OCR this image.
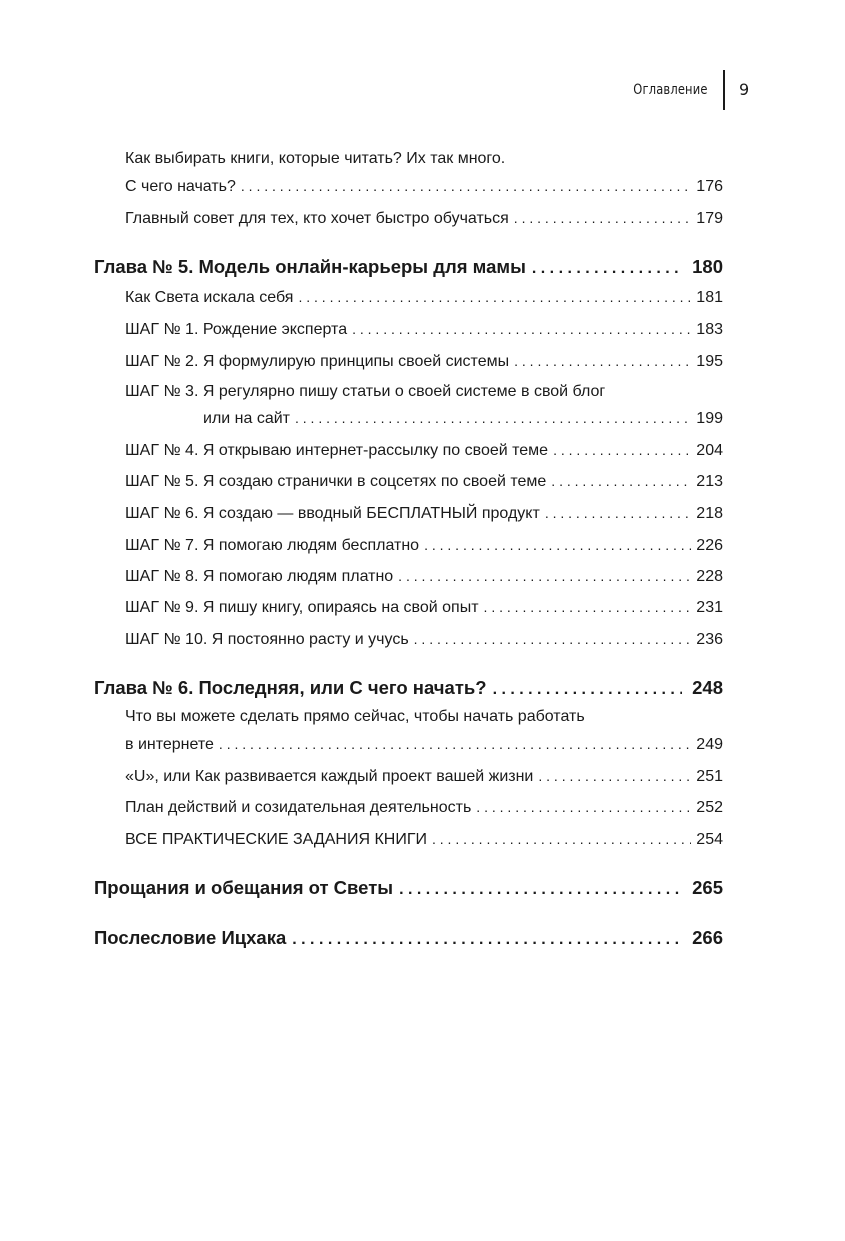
Оглавление 9
Как выбирать книги, которые читать? Их так много.
С чего начать? . . .	176
Главный совет для тех, кто хочет быстро обучаться . . .	179
Глава № 5. Модель онлайн-карьеры для мамы . . .	180
Как Света искала себя . . .	181
ШАГ № 1. Рождение эксперта . . .	183
ШАГ № 2. Я формулирую принципы своей системы . . .	195
ШАГ № 3. Я регулярно пишу статьи о своей системе в свой блог
или на сайт . . .	199
ШАГ № 4. Я открываю интернет-рассылку по своей теме . . .	204
ШАГ № 5. Я создаю странички в соцсетях по своей теме . . .	213
ШАГ № 6. Я создаю — вводный БЕСПЛАТНЫЙ продукт . . .	218
ШАГ № 7. Я помогаю людям бесплатно . . .	226
ШАГ № 8. Я помогаю людям платно . . .	228
ШАГ № 9. Я пишу книгу, опираясь на свой опыт . . .	231
ШАГ № 10. Я постоянно расту и учусь . . .	236
Глава № 6. Последняя, или С чего начать? . . .	248
Что вы можете сделать прямо сейчас, чтобы начать работать
в интернете . . .	249
«U», или Как развивается каждый проект вашей жизни . . .	251
План действий и созидательная деятельность . . .	252
ВСЕ ПРАКТИЧЕСКИЕ ЗАДАНИЯ КНИГИ . . .	254
Прощания и обещания от Светы . . .	265
Послесловие Ицхака . . .	266
